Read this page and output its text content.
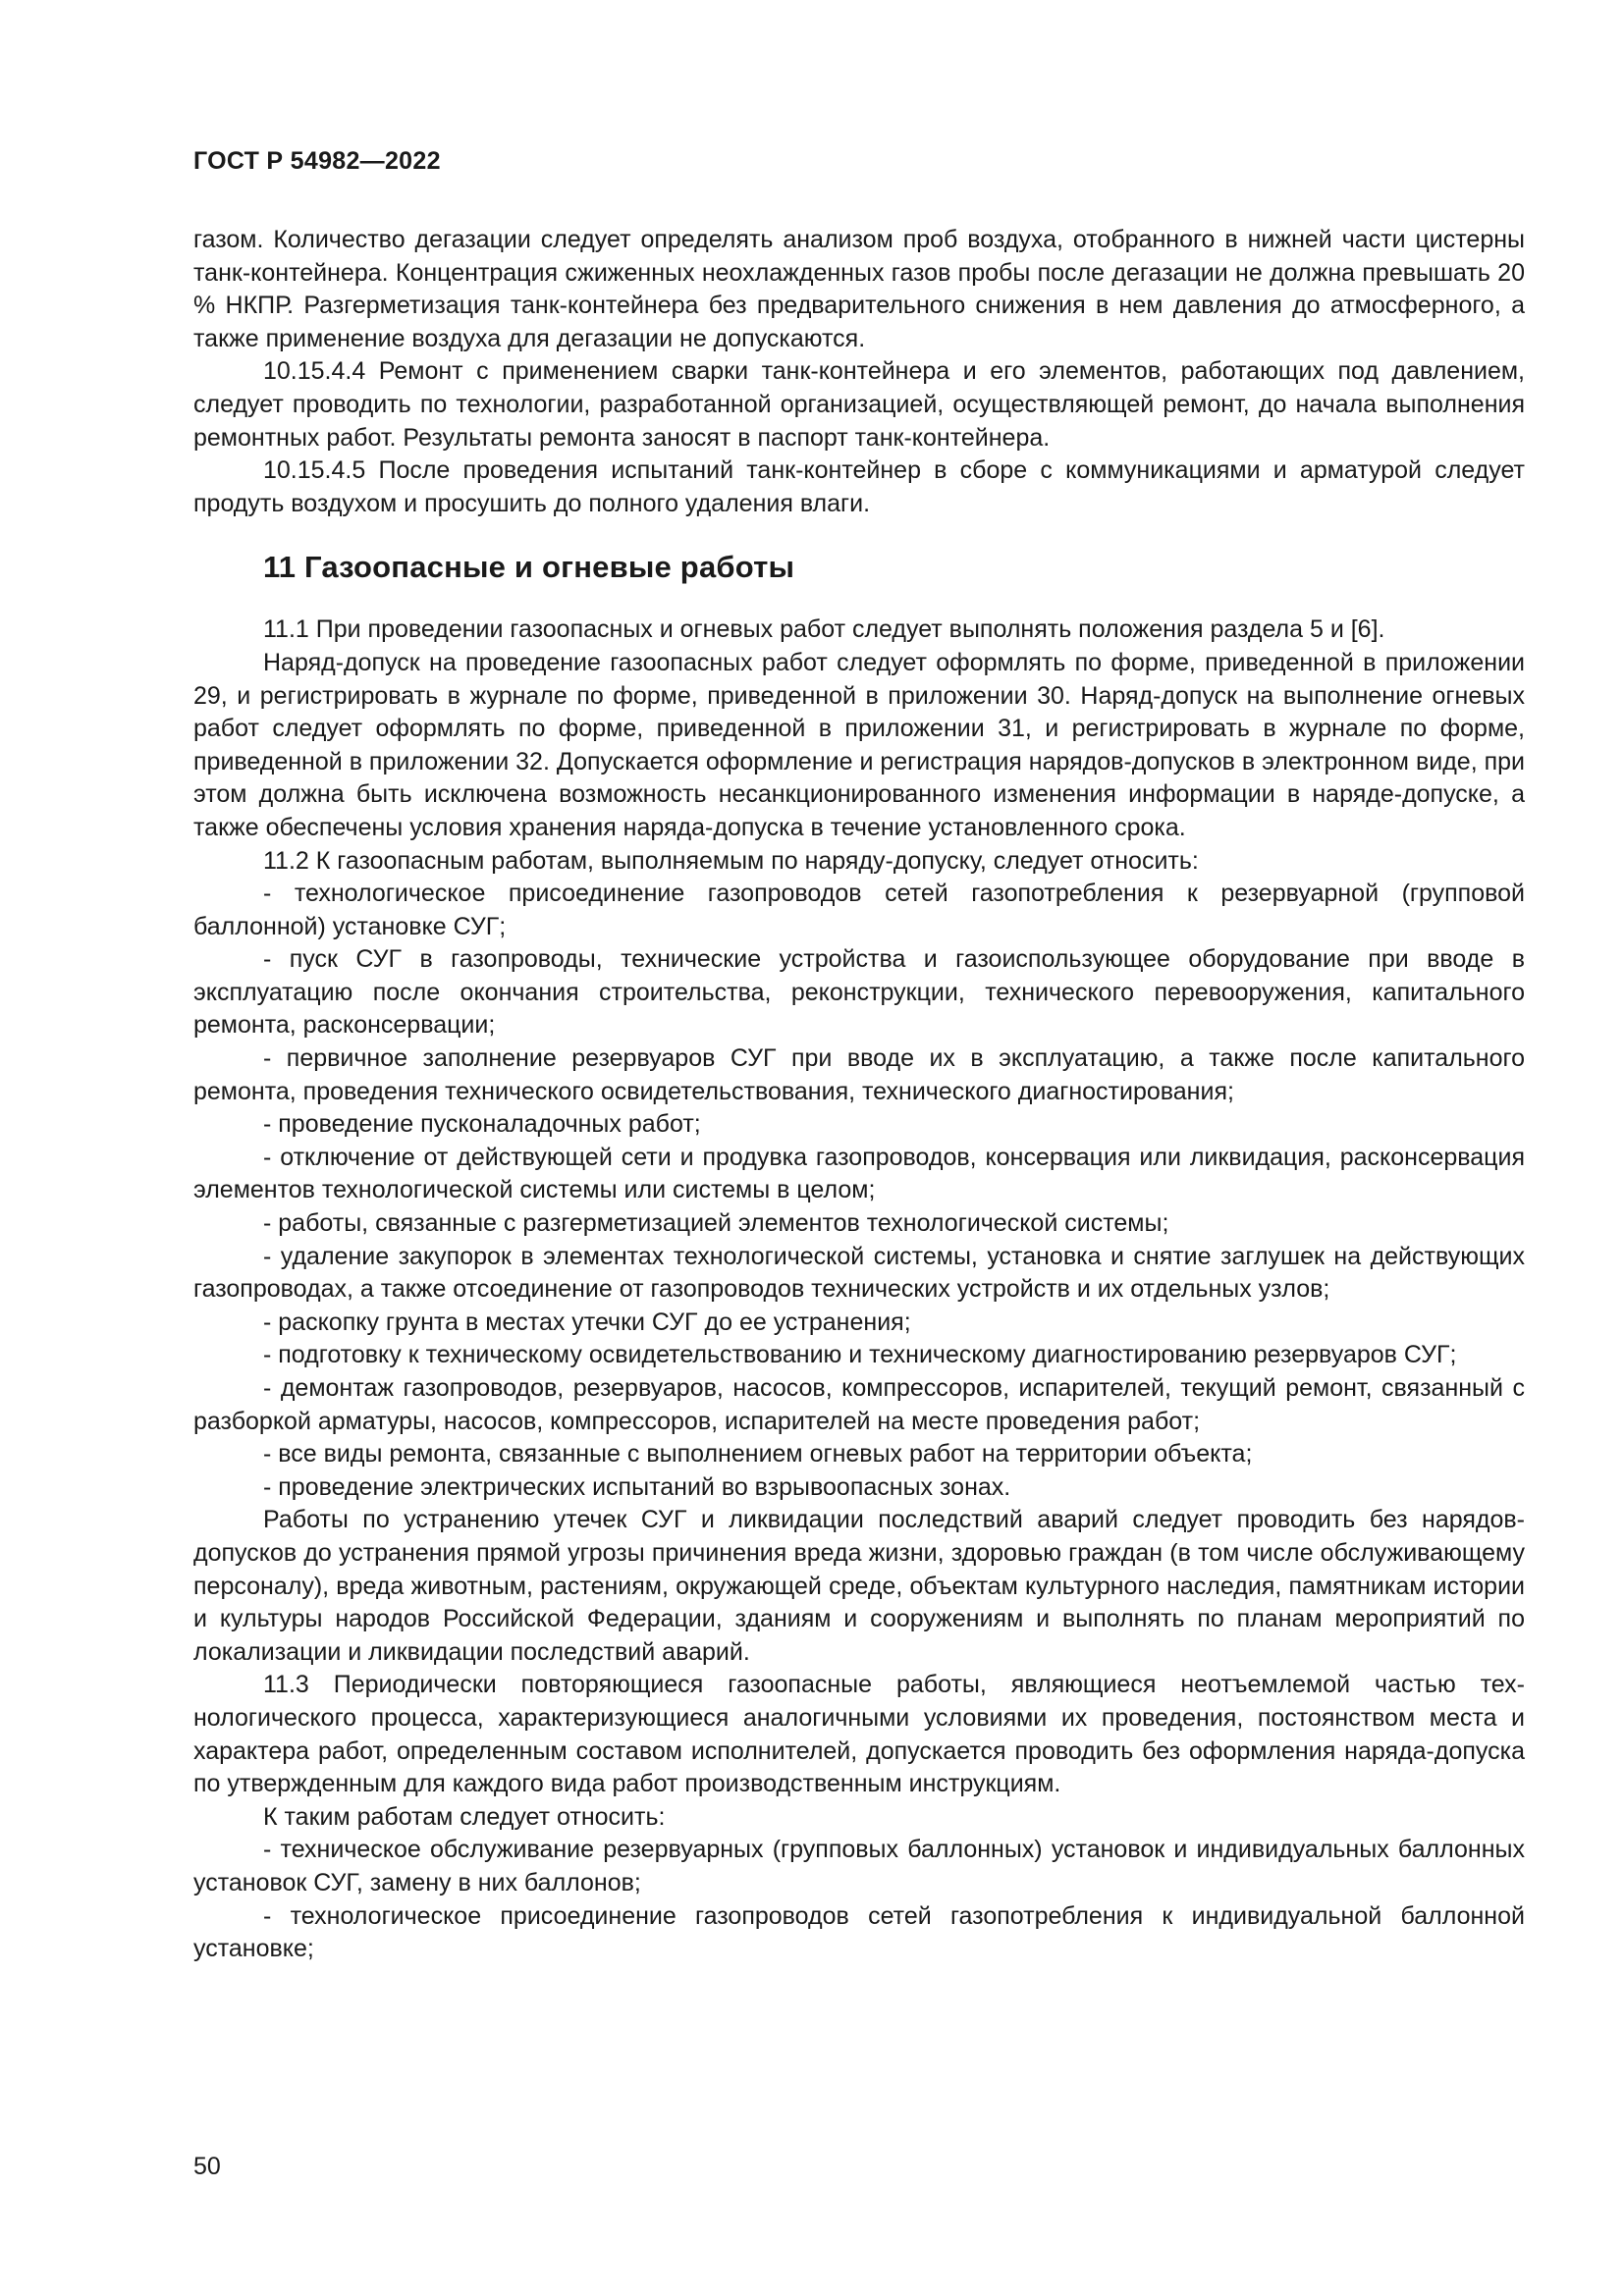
ГОСТ Р 54982—2022

газом. Количество дегазации следует определять анализом проб воздуха, отобранного в нижней части цистерны танк-контейнера. Концентрация сжиженных неохлажденных газов пробы после дегазации не должна превышать 20 % НКПР. Разгерметизация танк-контейнера без предварительного снижения в нем давления до атмосферного, а также применение воздуха для дегазации не допускаются.

10.15.4.4 Ремонт с применением сварки танк-контейнера и его элементов, работающих под давлением, следует проводить по технологии, разработанной организацией, осуществляющей ремонт, до начала выполнения ремонтных работ. Результаты ремонта заносят в паспорт танк-контейнера.

10.15.4.5 После проведения испытаний танк-контейнер в сборе с коммуникациями и арматурой следует продуть воздухом и просушить до полного удаления влаги.

11 Газоопасные и огневые работы

11.1 При проведении газоопасных и огневых работ следует выполнять положения раздела 5 и [6].

Наряд-допуск на проведение газоопасных работ следует оформлять по форме, приведенной в приложении 29, и регистрировать в журнале по форме, приведенной в приложении 30. Наряд-допуск на выполнение огневых работ следует оформлять по форме, приведенной в приложении 31, и регистрировать в журнале по форме, приведенной в приложении 32. Допускается оформление и регистрация нарядов-допусков в электронном виде, при этом должна быть исключена возможность несанкционированного изменения информации в наряде-допуске, а также обеспечены условия хранения наряда-допуска в течение установленного срока.

11.2 К газоопасным работам, выполняемым по наряду-допуску, следует относить:

- технологическое присоединение газопроводов сетей газопотребления к резервуарной (групповой баллонной) установке СУГ;

- пуск СУГ в газопроводы, технические устройства и газоиспользующее оборудование при вводе в эксплуатацию после окончания строительства, реконструкции, технического перевооружения, капитального ремонта, расконсервации;

- первичное заполнение резервуаров СУГ при вводе их в эксплуатацию, а также после капитального ремонта, проведения технического освидетельствования, технического диагностирования;

- проведение пусконаладочных работ;

- отключение от действующей сети и продувка газопроводов, консервация или ликвидация, расконсервация элементов технологической системы или системы в целом;

- работы, связанные с разгерметизацией элементов технологической системы;

- удаление закупорок в элементах технологической системы, установка и снятие заглушек на действующих газопроводах, а также отсоединение от газопроводов технических устройств и их отдельных узлов;

- раскопку грунта в местах утечки СУГ до ее устранения;

- подготовку к техническому освидетельствованию и техническому диагностированию резервуаров СУГ;

- демонтаж газопроводов, резервуаров, насосов, компрессоров, испарителей, текущий ремонт, связанный с разборкой арматуры, насосов, компрессоров, испарителей на месте проведения работ;

- все виды ремонта, связанные с выполнением огневых работ на территории объекта;

- проведение электрических испытаний во взрывоопасных зонах.

Работы по устранению утечек СУГ и ликвидации последствий аварий следует проводить без нарядов-допусков до устранения прямой угрозы причинения вреда жизни, здоровью граждан (в том числе обслуживающему персоналу), вреда животным, растениям, окружающей среде, объектам культурного наследия, памятникам истории и культуры народов Российской Федерации, зданиям и сооружениям и выполнять по планам мероприятий по локализации и ликвидации последствий аварий.

11.3 Периодически повторяющиеся газоопасные работы, являющиеся неотъемлемой частью технологического процесса, характеризующиеся аналогичными условиями их проведения, постоянством места и характера работ, определенным составом исполнителей, допускается проводить без оформления наряда-допуска по утвержденным для каждого вида работ производственным инструкциям.

К таким работам следует относить:

- техническое обслуживание резервуарных (групповых баллонных) установок и индивидуальных баллонных установок СУГ, замену в них баллонов;

- технологическое присоединение газопроводов сетей газопотребления к индивидуальной баллонной установке;

50
